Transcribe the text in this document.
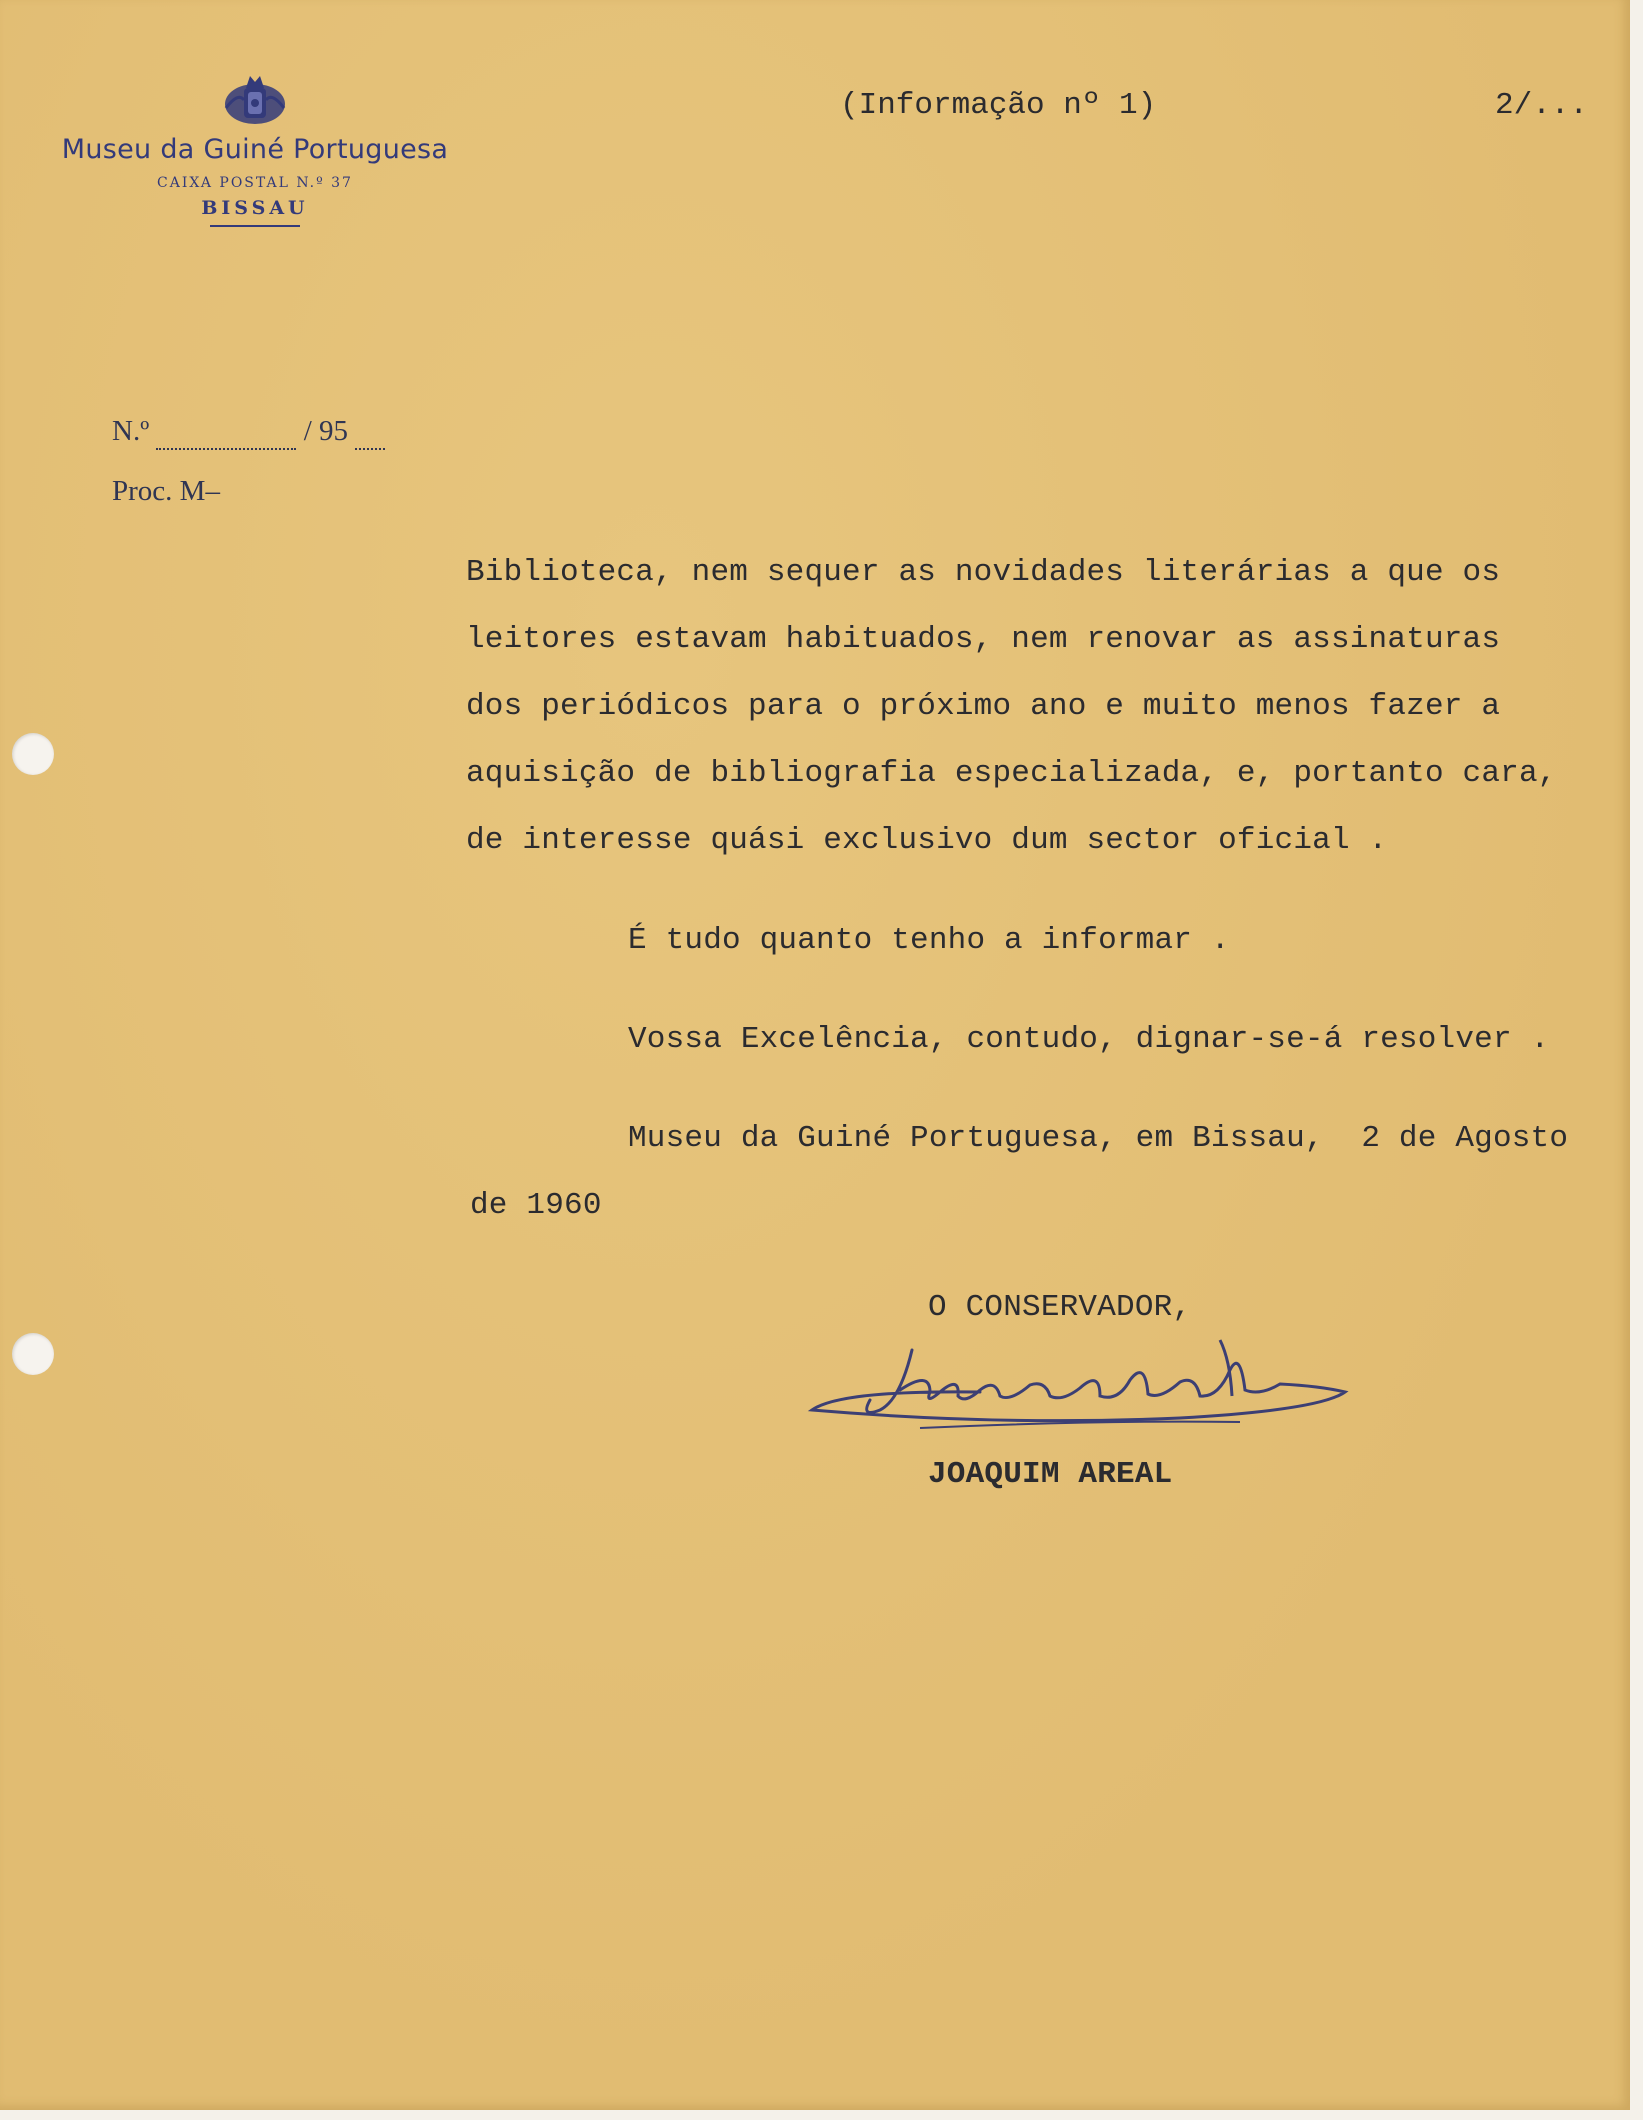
Museu da Guiné Portuguesa
CAIXA POSTAL N.º 37
BISSAU
(Informação nº 1)	2/...
N.º	/ 95
Proc. M–
Biblioteca, nem sequer as novidades literárias a que os
leitores estavam habituados, nem renovar as assinaturas
dos periódicos para o próximo ano e muito menos fazer a
aquisição de bibliografia especializada, e, portanto cara,
de interesse quási exclusivo dum sector oficial .
É tudo quanto tenho a informar .
Vossa Excelência, contudo, dignar-se-á resolver .
Museu da Guiné Portuguesa, em Bissau,  2 de Agosto
de 1960
O CONSERVADOR,
JOAQUIM AREAL
